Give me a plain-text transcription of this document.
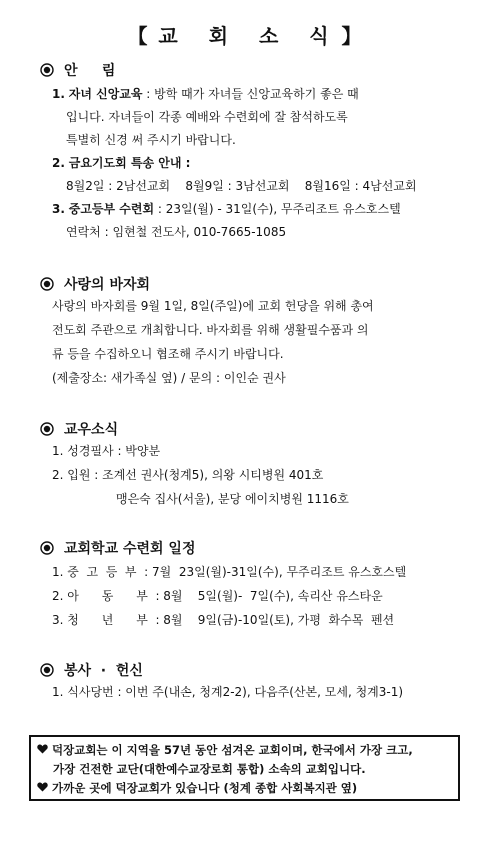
【 교 회 소 식 】
안     림
1. 자녀 신앙교육 : 방학 때가 자녀들 신앙교육하기 좋은 때
입니다. 자녀들이 각종 예배와 수련회에 잘 참석하도록
특별히 신경 써 주시기 바랍니다.
2. 금요기도회 특송 안내 :
8월2일 : 2남선교회    8월9일 : 3남선교회    8월16일 : 4남선교회
3. 중고등부 수련회 : 23일(월) - 31일(수), 무주리조트 유스호스텔
연락처 : 임현철 전도사, 010-7665-1085
사랑의 바자회
사랑의 바자회를 9월 1일, 8일(주일)에 교회 헌당을 위해 총여
전도회 주관으로 개최합니다. 바자회를 위해 생활필수품과 의
류 등을 수집하오니 협조해 주시기 바랍니다.
(제출장소: 새가족실 옆) / 문의 : 이인순 권사
교우소식
1. 성경필사 : 박양분
2. 입원 : 조계선 권사(청계5), 의왕 시티병원 401호
맹은숙 집사(서울), 분당 에이치병원 1116호
교회학교 수련회 일정
1. 중  고  등  부  : 7월  23일(월)-31일(수), 무주리조트 유스호스텔
2. 아      동      부  : 8월    5일(월)-  7일(수), 속리산 유스타운
3. 청      년      부  : 8월    9일(금)-10일(토), 가평  화수목  펜션
봉사  ·  헌신
1. 식사당번 : 이번 주(내손, 청계2-2), 다음주(산본, 모세, 청계3-1)
덕장교회는 이 지역을 57년 동안 섬겨온 교회이며, 한국에서 가장 크고,
가장 건전한 교단(대한예수교장로회 통합) 소속의 교회입니다.
가까운 곳에 덕장교회가 있습니다 (청계 종합 사회복지관 옆)
